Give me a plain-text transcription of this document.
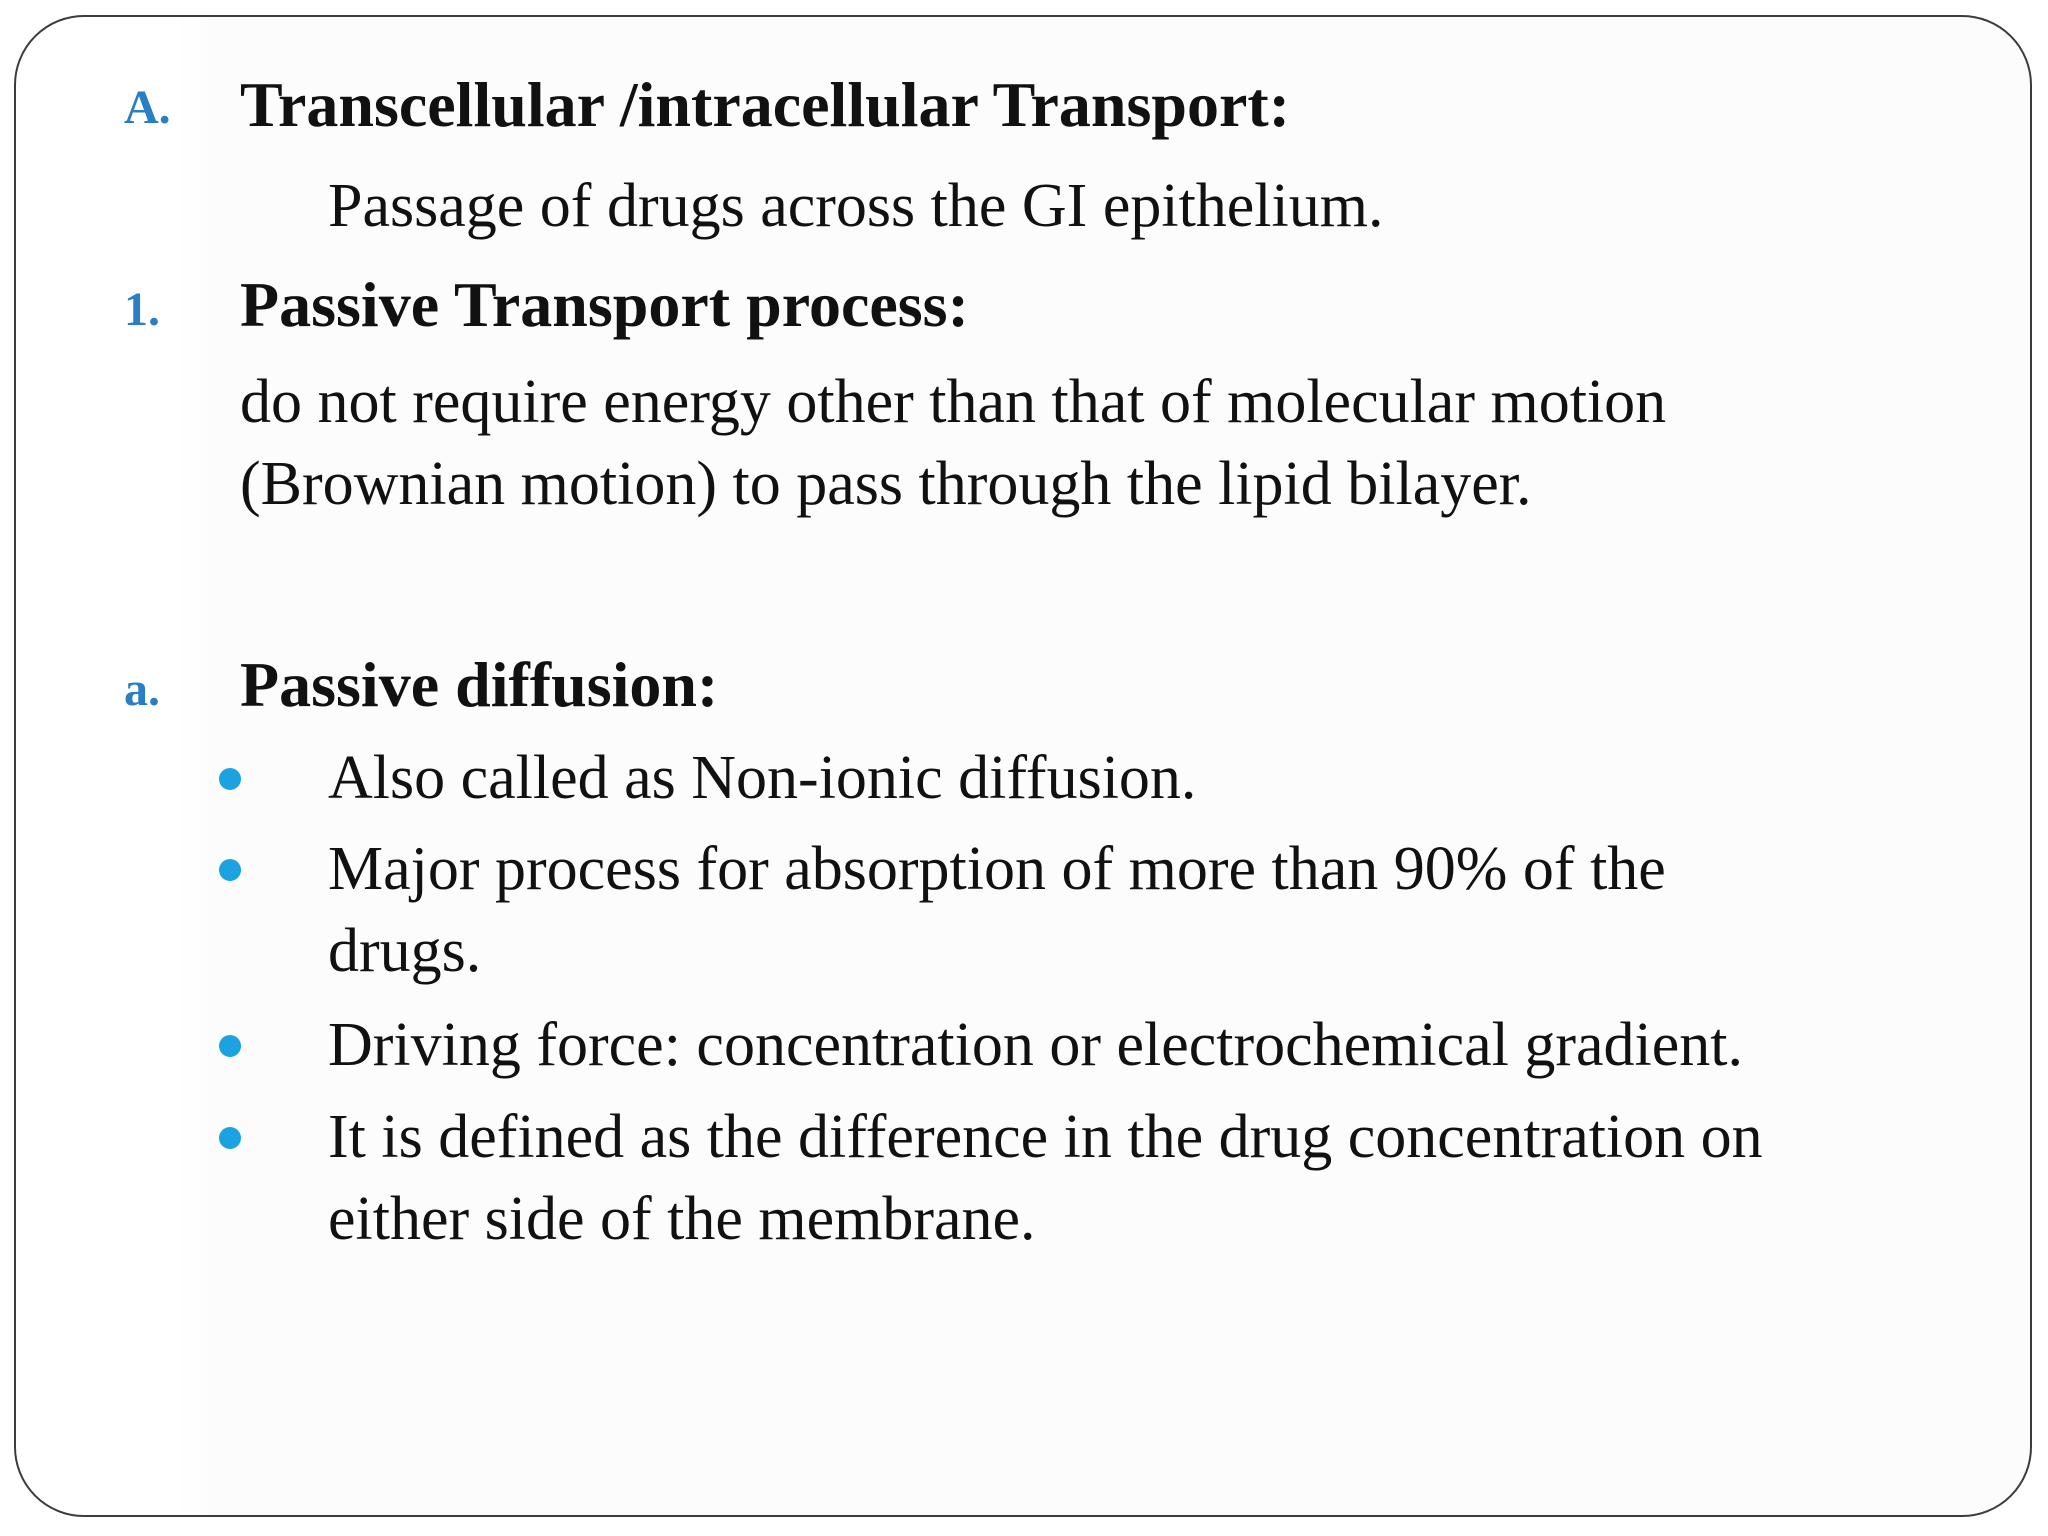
A. Transcellular /intracellular Transport:
Passage of drugs across the GI epithelium.
1. Passive Transport process:
do not require energy other than that of molecular motion
(Brownian motion) to pass through the lipid bilayer.
a. Passive diffusion:
Also called as Non-ionic diffusion.
Major process for absorption of more than 90% of the
drugs.
Driving force: concentration or electrochemical gradient.
It is defined as the difference in the drug concentration on
either side of the membrane.
